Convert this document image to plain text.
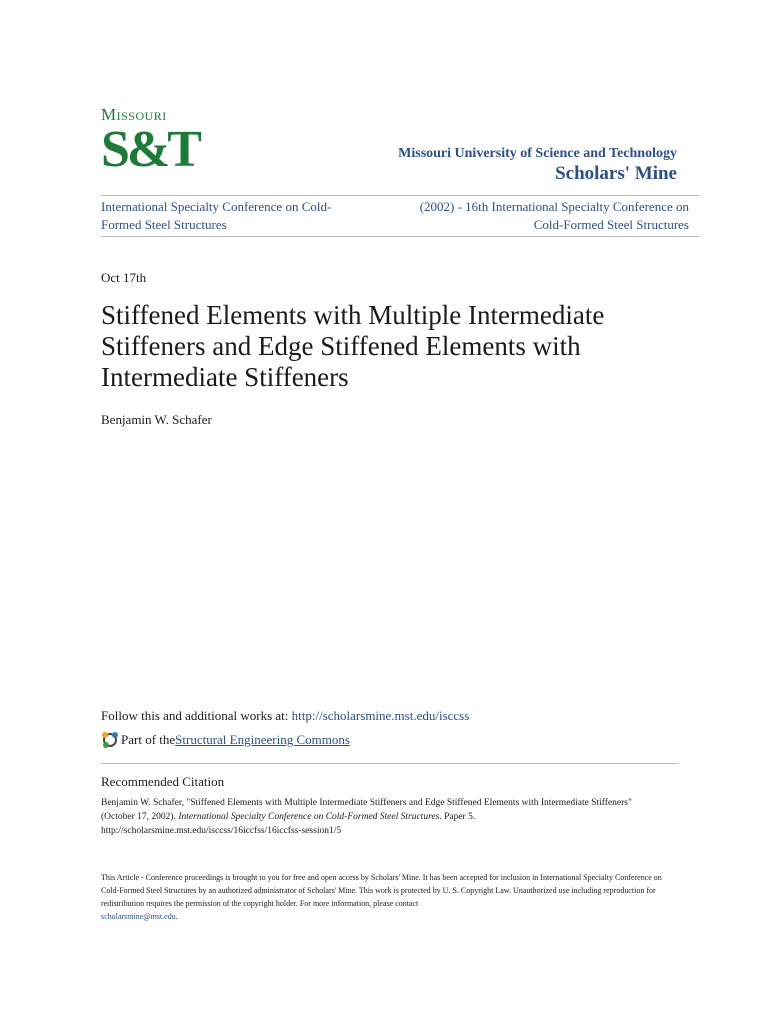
Missouri
S&T	Missouri University of Science and Technology
Scholars' Mine
International Specialty Conference on Cold-Formed Steel Structures
(2002) - 16th International Specialty Conference on Cold-Formed Steel Structures
Oct 17th
Stiffened Elements with Multiple Intermediate Stiffeners and Edge Stiffened Elements with Intermediate Stiffeners
Benjamin W. Schafer
Follow this and additional works at: http://scholarsmine.mst.edu/isccss
Part of the Structural Engineering Commons
Recommended Citation
Benjamin W. Schafer, "Stiffened Elements with Multiple Intermediate Stiffeners and Edge Stiffened Elements with Intermediate Stiffeners" (October 17, 2002). International Specialty Conference on Cold-Formed Steel Structures. Paper 5.
http://scholarsmine.mst.edu/isccss/16iccfss/16iccfss-session1/5
This Article - Conference proceedings is brought to you for free and open access by Scholars' Mine. It has been accepted for inclusion in International Specialty Conference on Cold-Formed Steel Structures by an authorized administrator of Scholars' Mine. This work is protected by U. S. Copyright Law. Unauthorized use including reproduction for redistribution requires the permission of the copyright holder. For more information, please contact
scholarsmine@mst.edu.
